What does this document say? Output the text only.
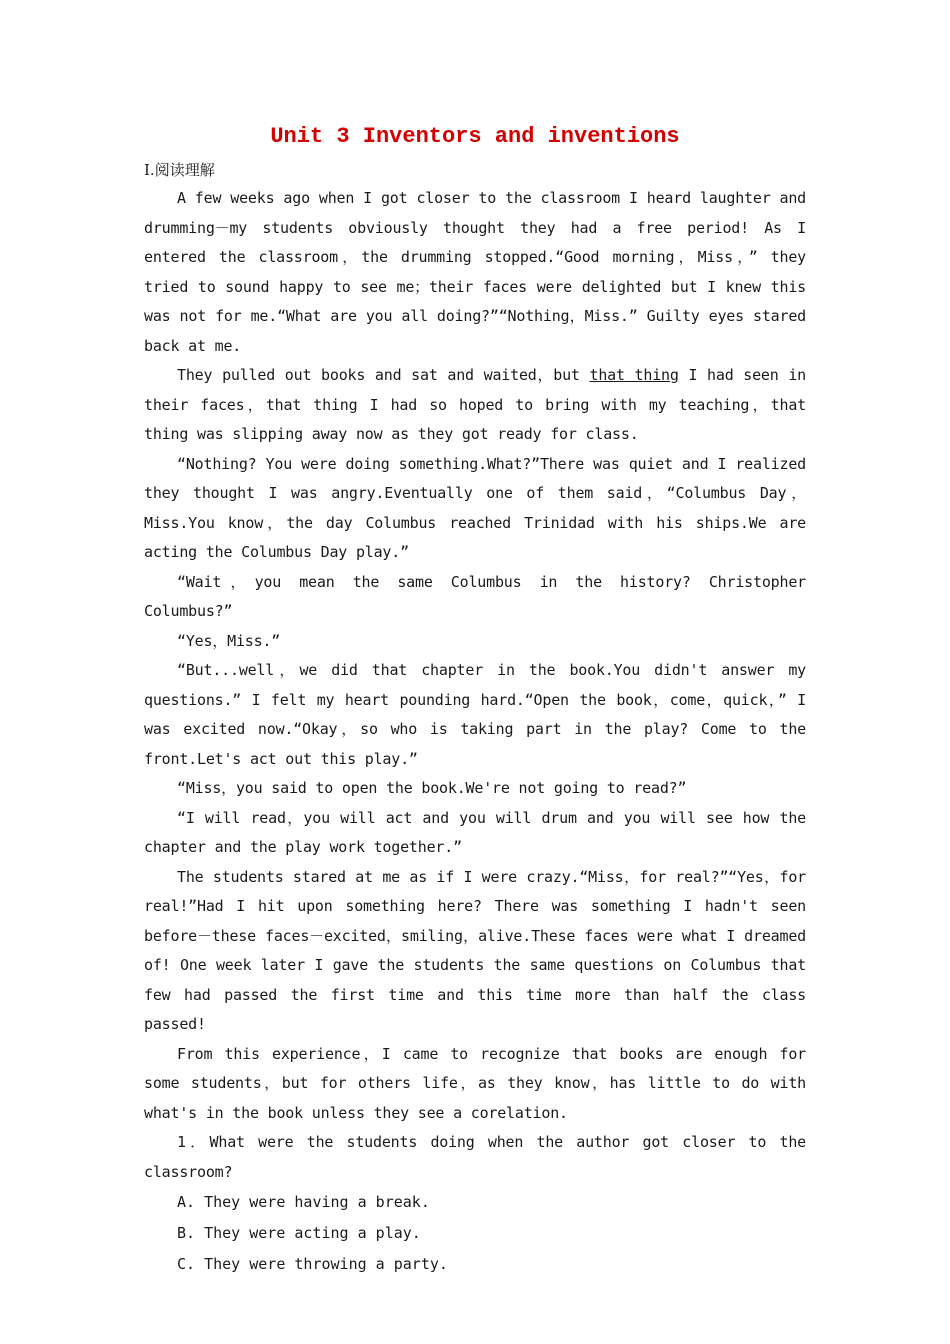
Unit 3 Inventors and inventions
I.阅读理解

A few weeks ago when I got closer to the classroom I heard laughter and drumming－my students obviously thought they had a free period! As I entered the classroom，the drumming stopped.“Good morning，Miss，” they tried to sound happy to see me；their faces were delighted but I knew this was not for me.“What are you all doing?”“Nothing，Miss.” Guilty eyes stared back at me.

They pulled out books and sat and waited，but that thing I had seen in their faces，that thing I had so hoped to bring with my teaching，that thing was slipping away now as they got ready for class.

“Nothing? You were doing something.What?”There was quiet and I realized they thought I was angry.Eventually one of them said，“Columbus Day，Miss.You know，the day Columbus reached Trinidad with his ships.We are acting the Columbus Day play.”

“Wait，you mean the same Columbus in the history? Christopher Columbus?”

“Yes，Miss.”

“But...well，we did that chapter in the book.You didn't answer my questions.” I felt my heart pounding hard.“Open the book，come，quick，” I was excited now.“Okay，so who is taking part in the play? Come to the front.Let's act out this play.”

“Miss，you said to open the book.We're not going to read?”

“I will read，you will act and you will drum and you will see how the chapter and the play work together.”

The students stared at me as if I were crazy.“Miss，for real?”“Yes，for real!”Had I hit upon something here? There was something I hadn't seen before－these faces－excited，smiling，alive.These faces were what I dreamed of! One week later I gave the students the same questions on Columbus that few had passed the first time and this time more than half the class passed!

From this experience，I came to recognize that books are enough for some students，but for others life，as they know，has little to do with what's in the book unless they see a corelation.

1．What were the students doing when the author got closer to the classroom?

A. They were having a break.

B. They were acting a play.

C. They were throwing a party.
